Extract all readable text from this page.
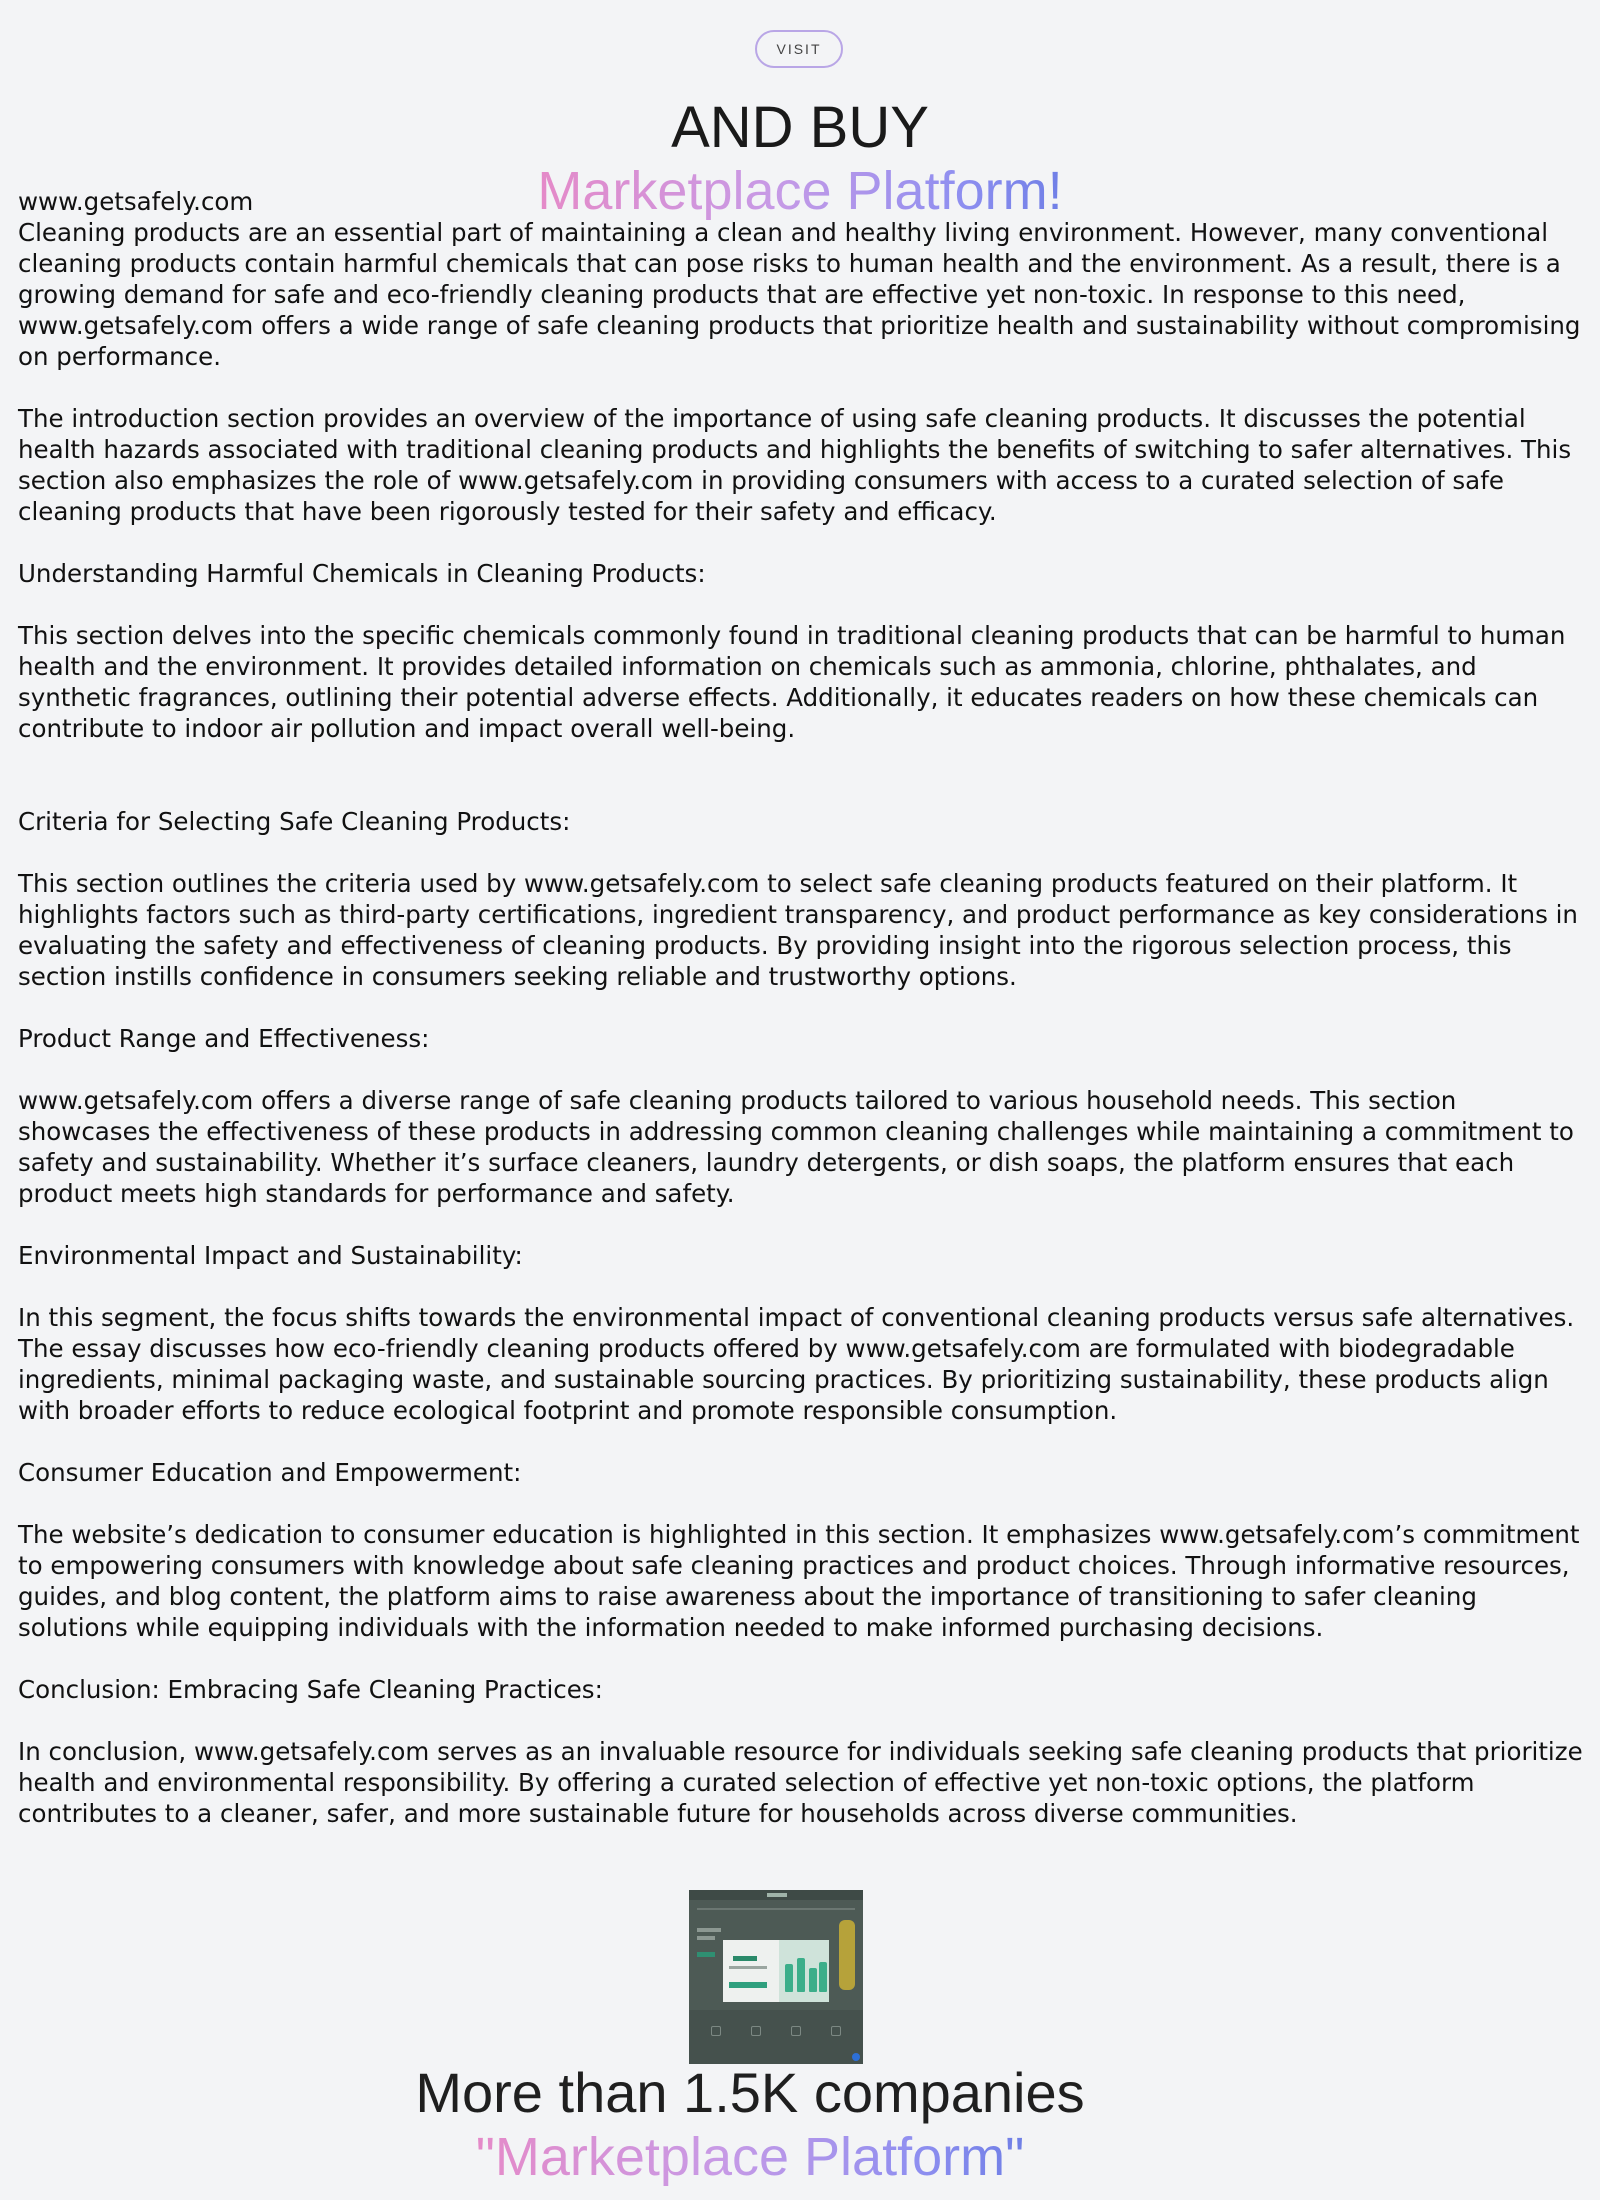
VISIT
AND BUY
Marketplace Platform!

www.getsafely.com

Cleaning products are an essential part of maintaining a clean and healthy living environment. However, many conventional cleaning products contain harmful chemicals that can pose risks to human health and the environment. As a result, there is a growing demand for safe and eco-friendly cleaning products that are effective yet non-toxic. In response to this need, www.getsafely.com offers a wide range of safe cleaning products that prioritize health and sustainability without compromising on performance.

The introduction section provides an overview of the importance of using safe cleaning products. It discusses the potential health hazards associated with traditional cleaning products and highlights the benefits of switching to safer alternatives. This section also emphasizes the role of www.getsafely.com in providing consumers with access to a curated selection of safe cleaning products that have been rigorously tested for their safety and efficacy.

Understanding Harmful Chemicals in Cleaning Products:

This section delves into the specific chemicals commonly found in traditional cleaning products that can be harmful to human health and the environment. It provides detailed information on chemicals such as ammonia, chlorine, phthalates, and synthetic fragrances, outlining their potential adverse effects. Additionally, it educates readers on how these chemicals can contribute to indoor air pollution and impact overall well-being.

Criteria for Selecting Safe Cleaning Products:

This section outlines the criteria used by www.getsafely.com to select safe cleaning products featured on their platform. It highlights factors such as third-party certifications, ingredient transparency, and product performance as key considerations in evaluating the safety and effectiveness of cleaning products. By providing insight into the rigorous selection process, this section instills confidence in consumers seeking reliable and trustworthy options.

Product Range and Effectiveness:

www.getsafely.com offers a diverse range of safe cleaning products tailored to various household needs. This section showcases the effectiveness of these products in addressing common cleaning challenges while maintaining a commitment to safety and sustainability. Whether it’s surface cleaners, laundry detergents, or dish soaps, the platform ensures that each product meets high standards for performance and safety.

Environmental Impact and Sustainability:

In this segment, the focus shifts towards the environmental impact of conventional cleaning products versus safe alternatives. The essay discusses how eco-friendly cleaning products offered by www.getsafely.com are formulated with biodegradable ingredients, minimal packaging waste, and sustainable sourcing practices. By prioritizing sustainability, these products align with broader efforts to reduce ecological footprint and promote responsible consumption.

Consumer Education and Empowerment:

The website’s dedication to consumer education is highlighted in this section. It emphasizes www.getsafely.com’s commitment to empowering consumers with knowledge about safe cleaning practices and product choices. Through informative resources, guides, and blog content, the platform aims to raise awareness about the importance of transitioning to safer cleaning solutions while equipping individuals with the information needed to make informed purchasing decisions.

Conclusion: Embracing Safe Cleaning Practices:

In conclusion, www.getsafely.com serves as an invaluable resource for individuals seeking safe cleaning products that prioritize health and environmental responsibility. By offering a curated selection of effective yet non-toxic options, the platform contributes to a cleaner, safer, and more sustainable future for households across diverse communities.

More than 1.5K companies
"Marketplace Platform"
